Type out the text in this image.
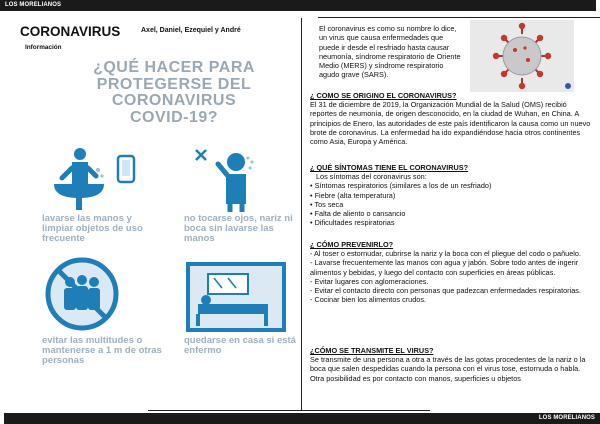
LOS MORELIANOS
LOS MORELIANOS
CORONAVIRUS	Axel, Daniel, Ezequiel y André
Información
¿QUÉ HACER PARA
PROTEGERSE DEL
CORONAVIRUS
COVID-19?
lavarse las manos y limpiar objetos de uso frecuente
no tocarse ojos, nariz ni boca sin lavarse las manos
evitar las multitudes o mantenerse a 1 m de otras personas
quedarse en casa si está enfermo
El coronavirus es como su nombre lo dice, un virus que causa enfermedades que puede ir desde el resfriado hasta causar neumonía, síndrome respiratorio de Oriente Medio (MERS) y síndrome respiratorio agudo grave (SARS).
¿ COMO SE ORIGINO EL CORONAVIRUS?

El 31 de diciembre de 2019, la Organización Mundial de la Salud (OMS) recibió reportes de neumonía, de origen desconocido, en la ciudad de Wuhan, en China. A principios de Enero, las autoridades de este país identificaron la causa como un nuevo brote de coronavirus. La enfermedad ha ido expandiéndose hacia otros continentes como Asia, Europa y América.

¿ QUÉ SÍNTOMAS TIENE EL CORONAVIRUS?

Los síntomas del coronavirus son:

• Síntomas respiratorios (similares a los de un resfriado)
• Fiebre (alta temperatura)
• Tos seca
• Falta de aliento o cansancio
• Dificultades respiratorias
¿ CÓMO PREVENIRLO?
- Al toser o estornudar, cubrirse la nariz y la boca con el pliegue del codo o pañuelo.
- Lavarse frecuentemente las manos con agua y jabón. Sobre todo antes de ingerir alimentos y bebidas, y luego del contacto con superficies en áreas públicas.
- Evitar lugares con aglomeraciones.
- Evitar el contacto directo con personas que padezcan enfermedades respiratorias.
- Cocinar bien los alimentos crudos.
¿CÓMO SE TRANSMITE EL VIRUS?

Se transmite de una persona a otra a través de las gotas procedentes de la nariz o la boca que salen despedidas cuando la persona con el virus tose, estornuda o habla. Otra posibilidad es por contacto con manos, superficies u objetos
